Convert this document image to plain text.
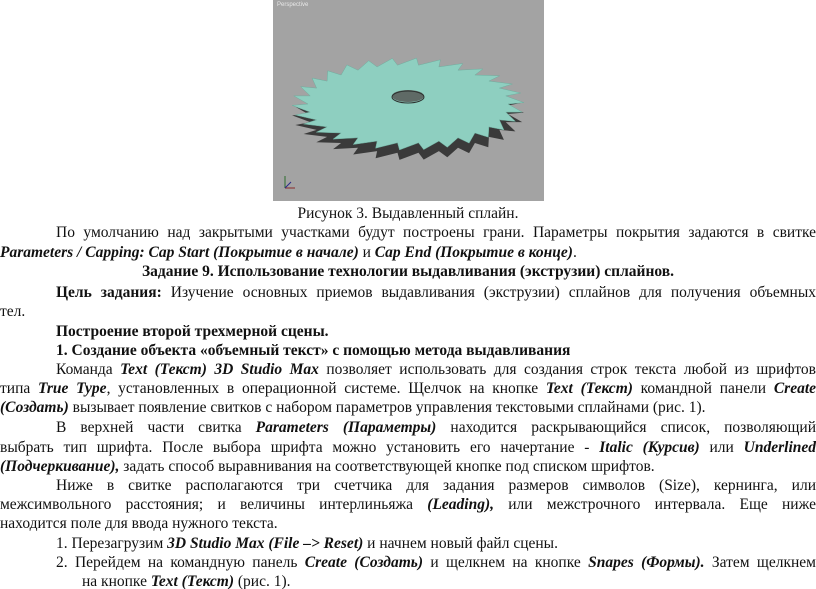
Perspective
Рисунок 3. Выдавленный сплайн.
По умолчанию над закрытыми участками будут построены грани. Параметры покрытия задаются в свитке
Parameters / Capping: Cap Start (Покрытие в начале) и Cap End (Покрытие в конце).
Задание 9. Использование технологии выдавливания (экструзии) сплайнов.
Цель задания: Изучение основных приемов выдавливания (экструзии) сплайнов для получения объемных
тел.
Построение второй трехмерной сцены.
1. Создание объекта «объемный текст» с помощью метода выдавливания
Команда Text (Текст) 3D Studio Max позволяет использовать для создания строк текста любой из шрифтов
типа True Type, установленных в операционной системе. Щелчок на кнопке Text (Текст) командной панели Create
(Создать) вызывает появление свитков с набором параметров управления текстовыми сплайнами (рис. 1).
В верхней части свитка Parameters (Параметры) находится раскрывающийся список, позволяющий
выбрать тип шрифта. После выбора шрифта можно установить его начертание - Italic (Курсив) или Underlined
(Подчеркивание), задать способ выравнивания на соответствующей кнопке под списком шрифтов.
Ниже в свитке располагаются три счетчика для задания размеров символов (Size), кернинга, или
межсимвольного расстояния; и величины интерлиньяжа (Leading), или межстрочного интервала. Еще ниже
находится поле для ввода нужного текста.
1. Перезагрузим 3D Studio Max (File –> Reset) и начнем новый файл сцены.
2. Перейдем на командную панель Create (Создать) и щелкнем на кнопке Snapes (Формы). Затем щелкнем
на кнопке Text (Текст) (рис. 1).
